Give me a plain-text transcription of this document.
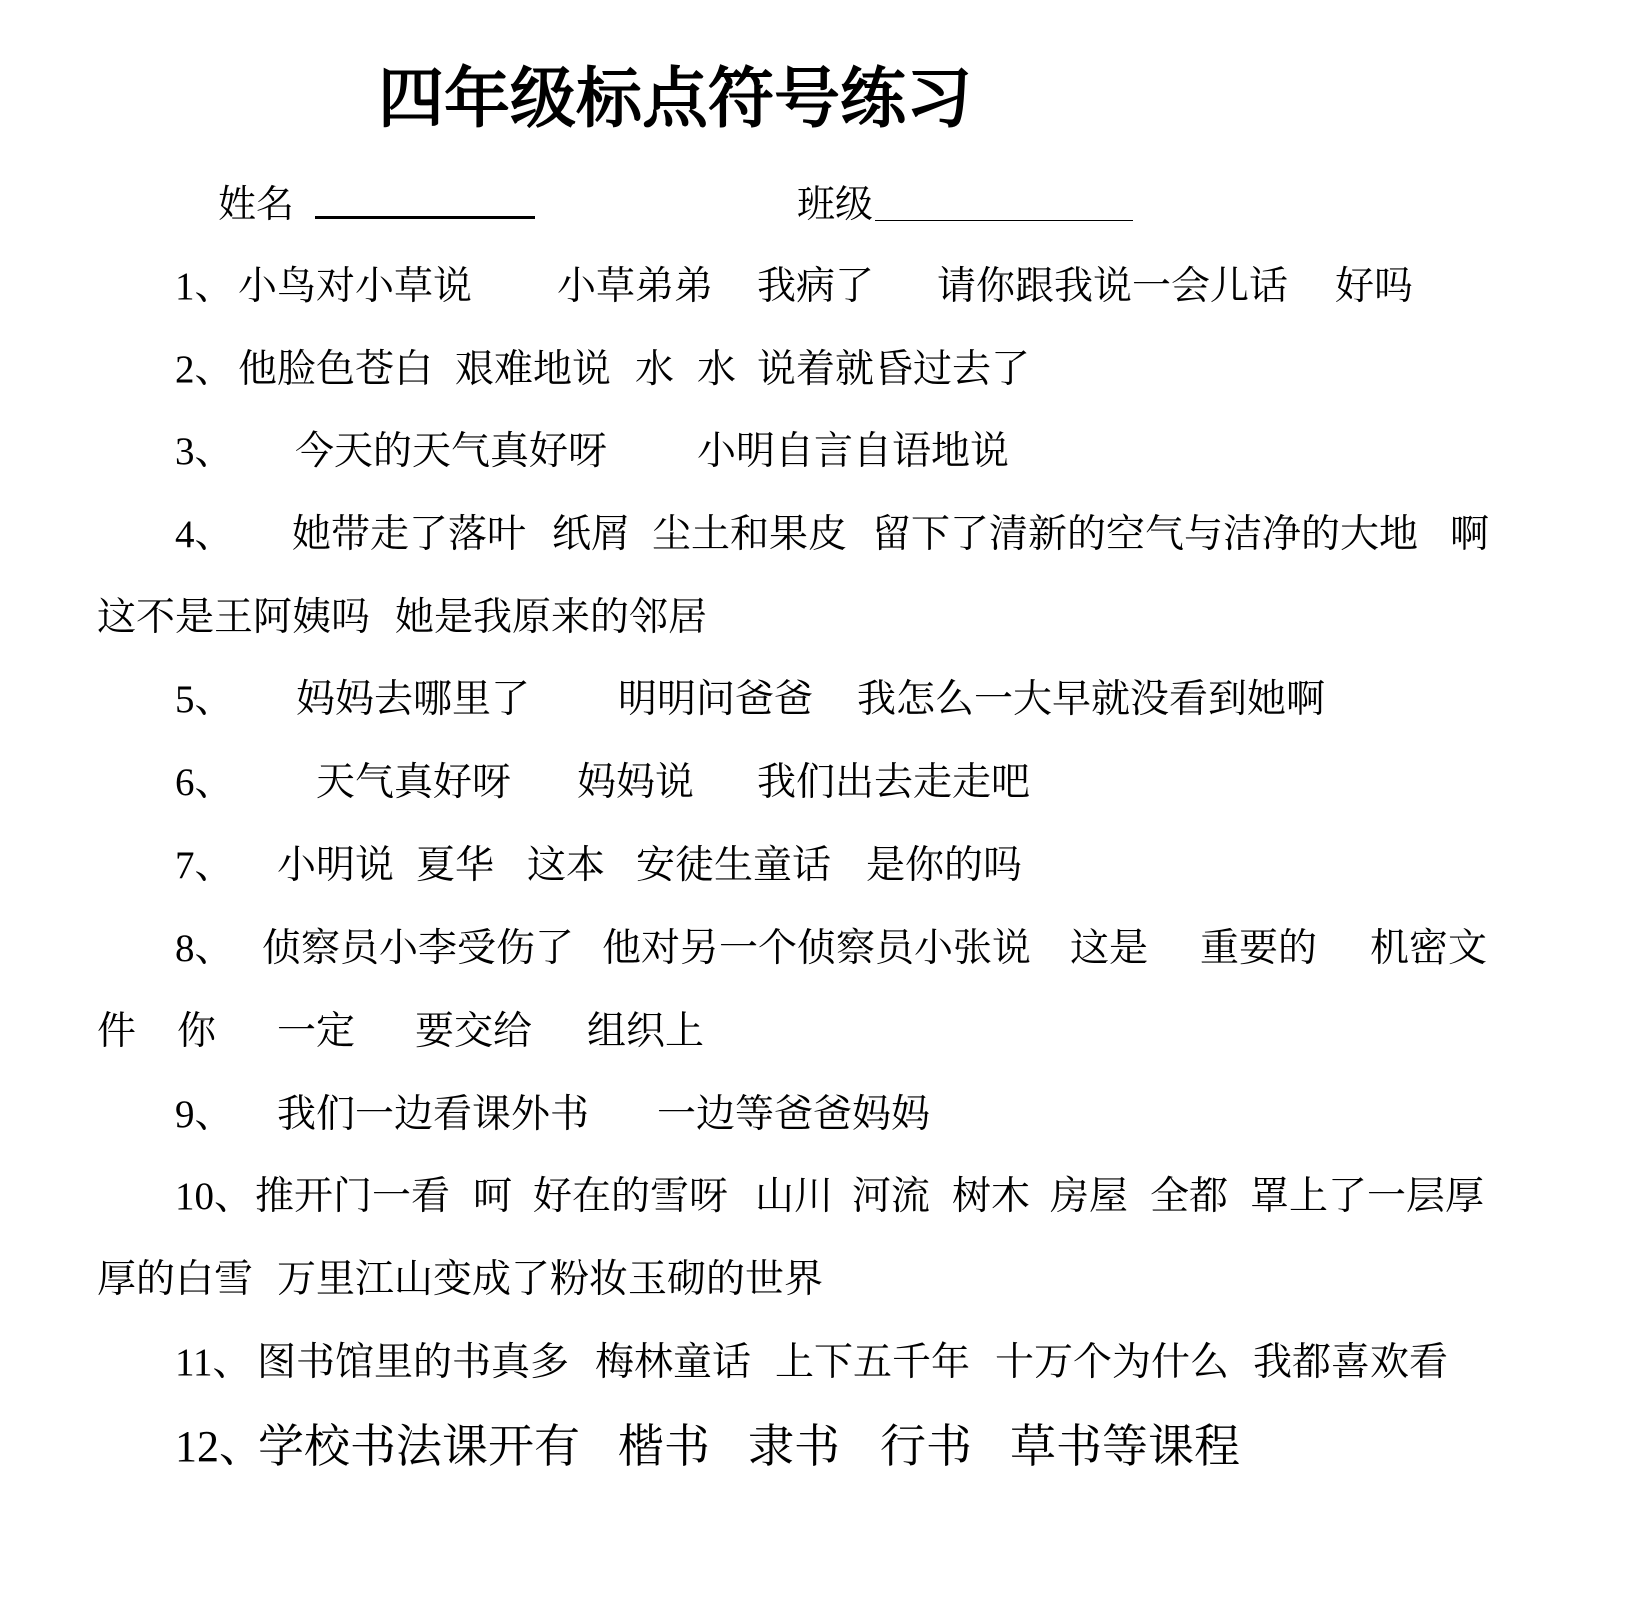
四年级标点符号练习
姓名	班级
1、 小鸟对小草说 小草弟弟 我病了 请你跟我说一会儿话 好吗
2、 他脸色苍白 艰难地说 水 水 说着就昏过去了
3、 今天的天气真好呀 小明自言自语地说
4、 她带走了落叶 纸屑 尘土和果皮 留下了清新的空气与洁净的大地 啊
这不是王阿姨吗 她是我原来的邻居
5、 妈妈去哪里了 明明问爸爸 我怎么一大早就没看到她啊
6、 天气真好呀 妈妈说 我们出去走走吧
7、 小明说 夏华 这本 安徒生童话 是你的吗
8、 侦察员小李受伤了 他对另一个侦察员小张说 这是 重要的 机密文
件 你 一定 要交给 组织上
9、 我们一边看课外书 一边等爸爸妈妈
10、 推开门一看 呵 好在的雪呀 山川 河流 树木 房屋 全都 罩上了一层厚
厚的白雪 万里江山变成了粉妆玉砌的世界
11、 图书馆里的书真多 梅林童话 上下五千年 十万个为什么 我都喜欢看
12、
学校书法课开有 楷书 隶书 行书 草书等课程
